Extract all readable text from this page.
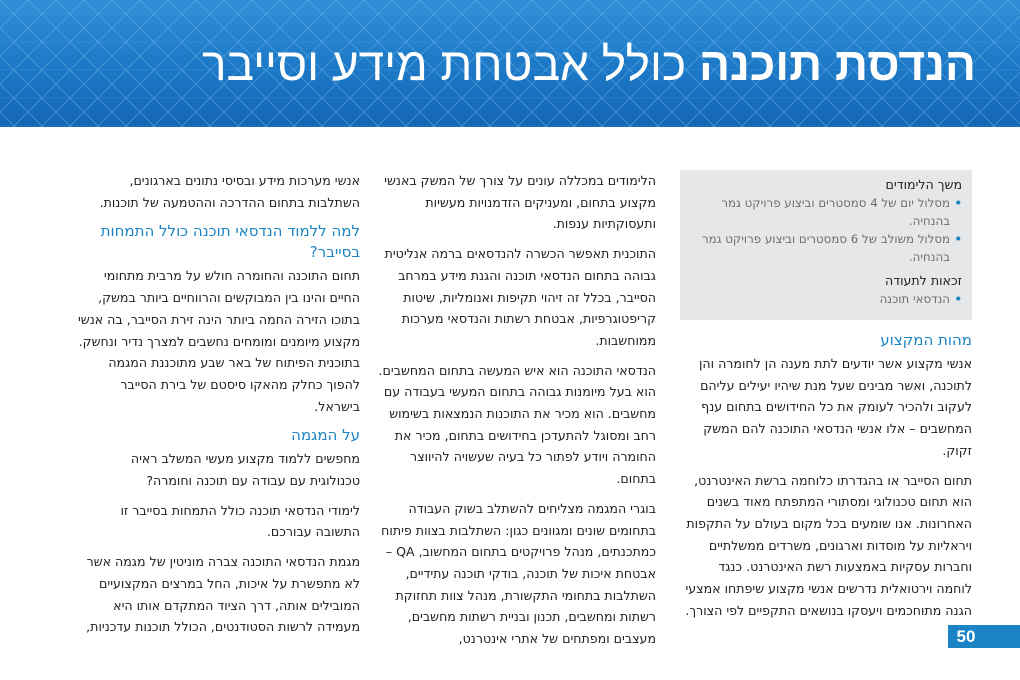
הנדסת תוכנה כולל אבטחת מידע וסייבר

משך הלימודים

•
מסלול יום של 4 סמסטרים וביצוע פרויקט גמר בהנחיה.
•
מסלול משולב של 6 סמסטרים וביצוע פרויקט גמר בהנחיה.

זכאות לתעודה

•
הנדסאי תוכנה
מהות המקצוע

אנשי מקצוע אשר יודעים לתת מענה הן לחומרה והן לתוכנה, ואשר מבינים שעל מנת שיהיו יעילים עליהם לעקוב ולהכיר לעומק את כל החידושים בתחום ענף המחשבים – אלו אנשי הנדסאי התוכנה להם המשק זקוק.

תחום הסייבר או בהגדרתו כלוחמה ברשת האינטרנט, הוא תחום טכנולוגי ומסתורי המתפתח מאוד בשנים האחרונות. אנו שומעים בכל מקום בעולם על התקפות ויראליות על מוסדות וארגונים, משרדים ממשלתיים וחברות עסקיות באמצעות רשת האינטרנט. כנגד לוחמה וירטואלית נדרשים אנשי מקצוע שיפתחו אמצעי הגנה מתוחכמים ויעסקו בנושאים התקפיים לפי הצורך.

הלימודים במכללה עונים על צורך של המשק באנשי מקצוע בתחום, ומעניקים הזדמנויות מעשיות ותעסוקתיות ענפות.

התוכנית תאפשר הכשרה להנדסאים ברמה אנליטית גבוהה בתחום הנדסאי תוכנה והגנת מידע במרחב הסייבר, בכלל זה זיהוי תקיפות ואנומליות, שיטות קריפטוגרפיות, אבטחת רשתות והנדסאי מערכות ממוחשבות.

הנדסאי התוכנה הוא איש המעשה בתחום המחשבים. הוא בעל מיומנות גבוהה בתחום המעשי בעבודה עם מחשבים. הוא מכיר את התוכנות הנמצאות בשימוש רחב ומסוגל להתעדכן בחידושים בתחום, מכיר את החומרה ויודע לפתור כל בעיה שעשויה להיווצר בתחום.

בוגרי המגמה מצליחים להשתלב בשוק העבודה בתחומים שונים ומגוונים כגון: השתלבות בצוות פיתוח כמתכנתים, מנהל פרויקטים בתחום המחשוב, QA – אבטחת איכות של תוכנה, בודקי תוכנה עתידיים, השתלבות בתחומי התקשורת, מנהל צוות תחזוקת רשתות ומחשבים, תכנון ובניית רשתות מחשבים, מעצבים ומפתחים של אתרי אינטרנט,

אנשי מערכות מידע ובסיסי נתונים בארגונים, השתלבות בתחום ההדרכה וההטמעה של תוכנות.

למה ללמוד הנדסאי תוכנה כולל התמחות בסייבר?

תחום התוכנה והחומרה חולש על מרבית מתחומי החיים והינו בין המבוקשים והרווחיים ביותר במשק, בתוכו הזירה החמה ביותר הינה זירת הסייבר, בה אנשי מקצוע מיומנים ומומחים נחשבים למצרך נדיר ונחשק. בתוכנית הפיתוח של באר שבע מתוכננת המגמה להפוך כחלק מהאקו סיסטם של בירת הסייבר בישראל.

על המגמה

מחפשים ללמוד מקצוע מעשי המשלב ראיה טכנולוגית עם עבודה עם תוכנה וחומרה?

לימודי הנדסאי תוכנה כולל התמחות בסייבר זו התשובה עבורכם.

מגמת הנדסאי התוכנה צברה מוניטין של מגמה אשר לא מתפשרת על איכות, החל במרצים המקצועיים המובילים אותה, דרך הציוד המתקדם אותו היא מעמידה לרשות הסטודנטים, הכולל תוכנות עדכניות,

50
